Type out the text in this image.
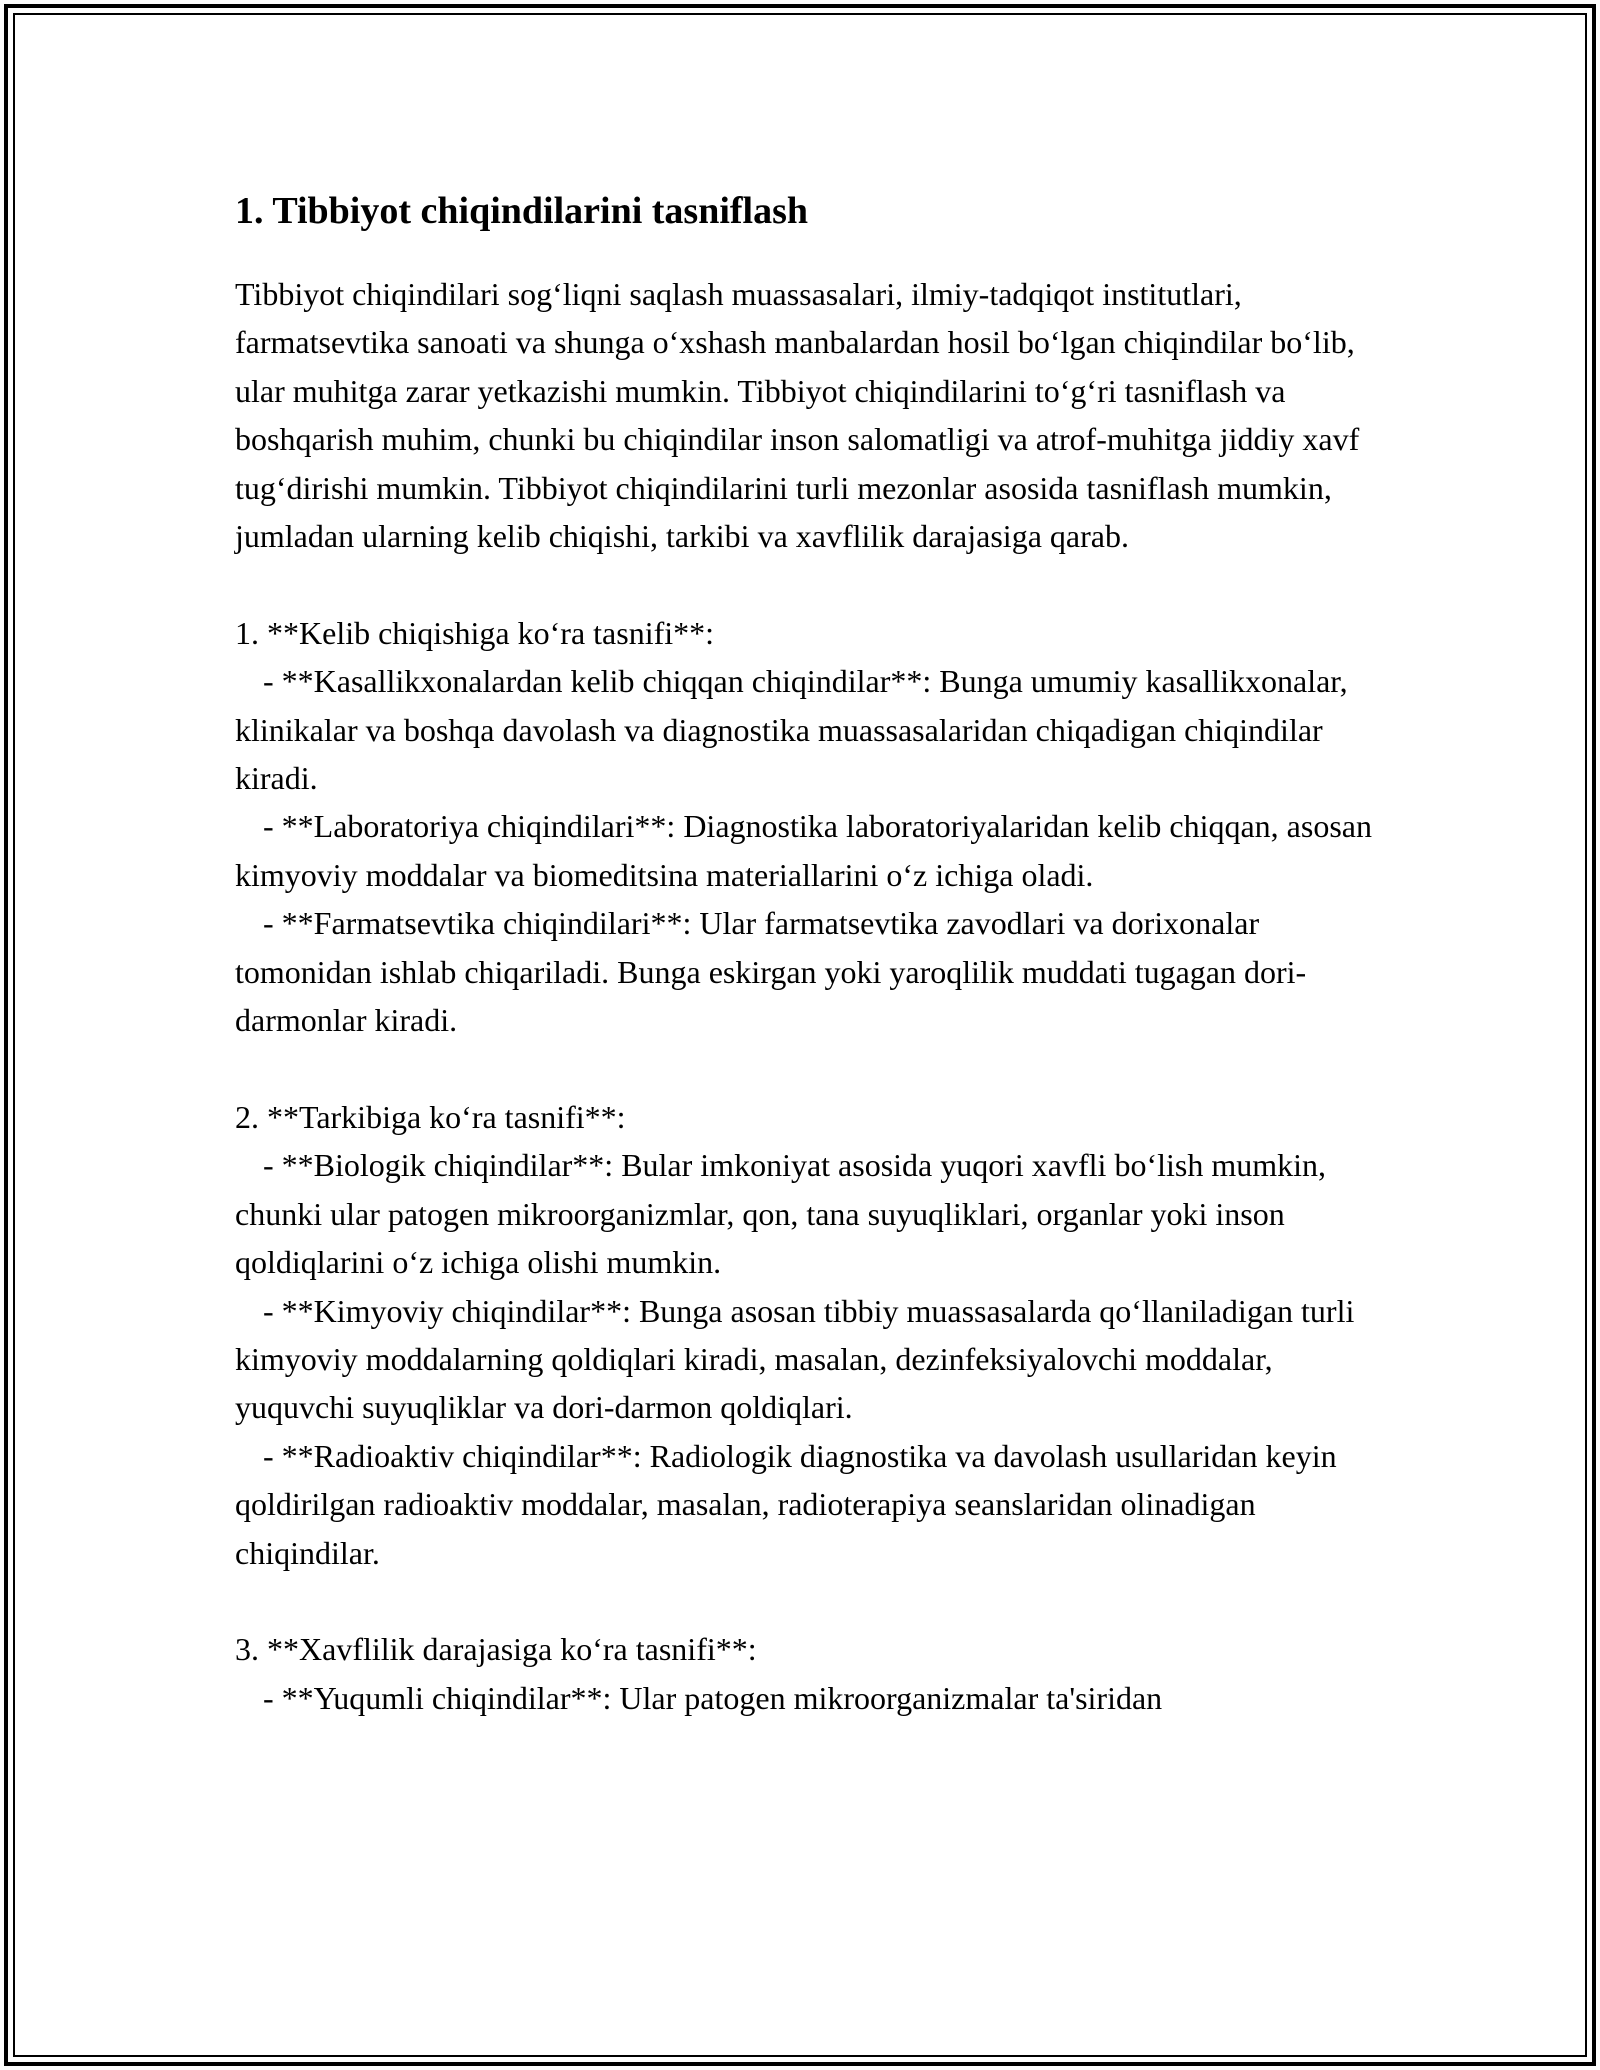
1. Tibbiyot chiqindilarini tasniflash

Tibbiyot chiqindilari sog‘liqni saqlash muassasalari, ilmiy-tadqiqot institutlari, farmatsevtika sanoati va shunga o‘xshash manbalardan hosil bo‘lgan chiqindilar bo‘lib, ular muhitga zarar yetkazishi mumkin. Tibbiyot chiqindilarini to‘g‘ri tasniflash va boshqarish muhim, chunki bu chiqindilar inson salomatligi va atrof-muhitga jiddiy xavf tug‘dirishi mumkin. Tibbiyot chiqindilarini turli mezonlar asosida tasniflash mumkin, jumladan ularning kelib chiqishi, tarkibi va xavflilik darajasiga qarab.

1. **Kelib chiqishiga ko‘ra tasnifi**:

- **Kasallikxonalardan kelib chiqqan chiqindilar**: Bunga umumiy kasallikxonalar, klinikalar va boshqa davolash va diagnostika muassasalaridan chiqadigan chiqindilar kiradi.

- **Laboratoriya chiqindilari**: Diagnostika laboratoriyalaridan kelib chiqqan, asosan kimyoviy moddalar va biomeditsina materiallarini o‘z ichiga oladi.

- **Farmatsevtika chiqindilari**: Ular farmatsevtika zavodlari va dorixonalar tomonidan ishlab chiqariladi. Bunga eskirgan yoki yaroqlilik muddati tugagan dori-darmonlar kiradi.

2. **Tarkibiga ko‘ra tasnifi**:

- **Biologik chiqindilar**: Bular imkoniyat asosida yuqori xavfli bo‘lish mumkin, chunki ular patogen mikroorganizmlar, qon, tana suyuqliklari, organlar yoki inson qoldiqlarini o‘z ichiga olishi mumkin.

- **Kimyoviy chiqindilar**: Bunga asosan tibbiy muassasalarda qo‘llaniladigan turli kimyoviy moddalarning qoldiqlari kiradi, masalan, dezinfeksiyalovchi moddalar, yuquvchi suyuqliklar va dori-darmon qoldiqlari.

- **Radioaktiv chiqindilar**: Radiologik diagnostika va davolash usullaridan keyin qoldirilgan radioaktiv moddalar, masalan, radioterapiya seanslaridan olinadigan chiqindilar.

3. **Xavflilik darajasiga ko‘ra tasnifi**:

- **Yuqumli chiqindilar**: Ular patogen mikroorganizmalar ta'siridan
